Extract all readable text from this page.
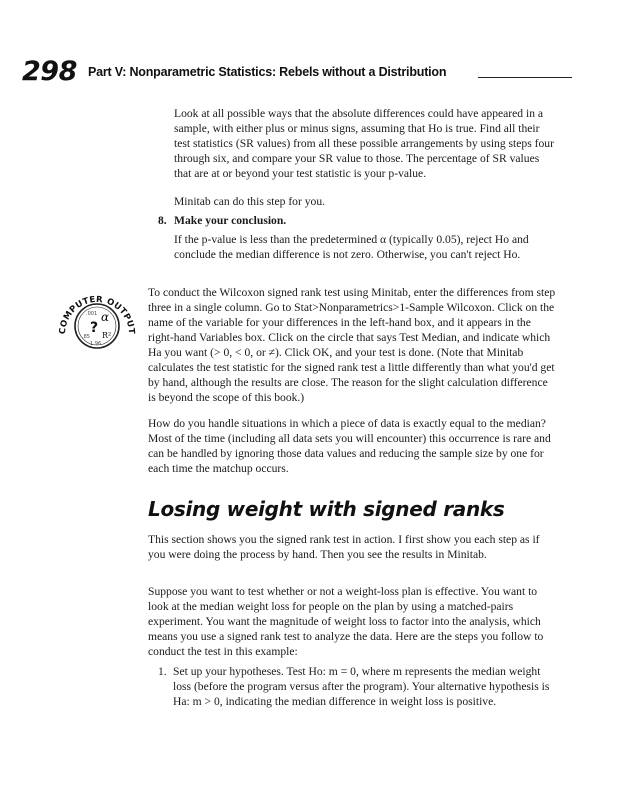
298 Part V: Nonparametric Statistics: Rebels without a Distribution

Look at all possible ways that the absolute differences could have appeared in a sample, with either plus or minus signs, assuming that Ho is true. Find all their test statistics (SR values) from all these possible arrangements by using steps four through six, and compare your SR value to those. The percentage of SR values that are at or beyond your test statistic is your p-value.

Minitab can do this step for you.

8. Make your conclusion.

If the p-value is less than the predetermined α (typically 0.05), reject Ho and conclude the median difference is not zero. Otherwise, you can't reject Ho.

COMPUTER OUTPUT
?
α
R²
.001
.85
1.96

To conduct the Wilcoxon signed rank test using Minitab, enter the differences from step three in a single column. Go to Stat>Nonparametrics>1-Sample Wilcoxon. Click on the name of the variable for your differences in the left-hand box, and it appears in the right-hand Variables box. Click on the circle that says Test Median, and indicate which Ha you want (> 0, < 0, or ≠). Click OK, and your test is done. (Note that Minitab calculates the test statistic for the signed rank test a little differently than what you'd get by hand, although the results are close. The reason for the slight calculation difference is beyond the scope of this book.)

How do you handle situations in which a piece of data is exactly equal to the median? Most of the time (including all data sets you will encounter) this occurrence is rare and can be handled by ignoring those data values and reducing the sample size by one for each time the matchup occurs.

Losing weight with signed ranks

This section shows you the signed rank test in action. I first show you each step as if you were doing the process by hand. Then you see the results in Minitab.

Suppose you want to test whether or not a weight-loss plan is effective. You want to look at the median weight loss for people on the plan by using a matched-pairs experiment. You want the magnitude of weight loss to factor into the analysis, which means you use a signed rank test to analyze the data. Here are the steps you follow to conduct the test in this example:

1. Set up your hypotheses. Test Ho: m = 0, where m represents the median weight loss (before the program versus after the program). Your alternative hypothesis is Ha: m > 0, indicating the median difference in weight loss is positive.
